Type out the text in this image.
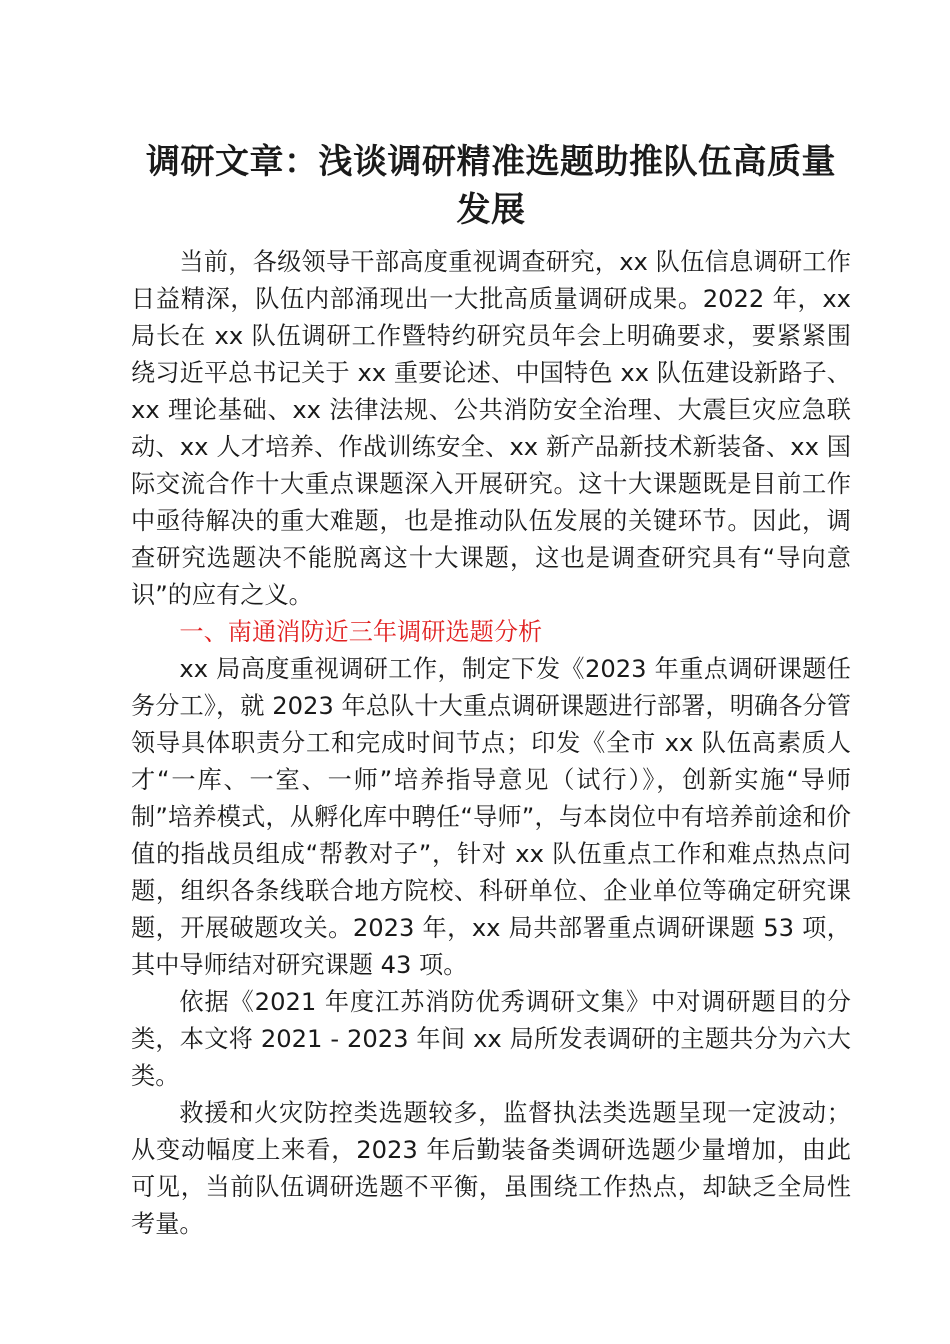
调研文章：浅谈调研精准选题助推队伍高质量
发展

当前，各级领导干部高度重视调查研究，xx 队伍信息调研工作日益精深，队伍内部涌现出一大批高质量调研成果。2022 年，xx 局长在 xx 队伍调研工作暨特约研究员年会上明确要求，要紧紧围绕习近平总书记关于 xx 重要论述、中国特色 xx 队伍建设新路子、xx 理论基础、xx 法律法规、公共消防安全治理、大震巨灾应急联动、xx 人才培养、作战训练安全、xx 新产品新技术新装备、xx 国际交流合作十大重点课题深入开展研究。这十大课题既是目前工作中亟待解决的重大难题，也是推动队伍发展的关键环节。因此，调查研究选题决不能脱离这十大课题，这也是调查研究具有“导向意识”的应有之义。

一、南通消防近三年调研选题分析

xx 局高度重视调研工作，制定下发《2023 年重点调研课题任务分工》，就 2023 年总队十大重点调研课题进行部署，明确各分管领导具体职责分工和完成时间节点；印发《全市 xx 队伍高素质人才“一库、一室、一师”培养指导意见（试行）》，创新实施“导师制”培养模式，从孵化库中聘任“导师”，与本岗位中有培养前途和价值的指战员组成“帮教对子”，针对 xx 队伍重点工作和难点热点问题，组织各条线联合地方院校、科研单位、企业单位等确定研究课题，开展破题攻关。2023 年，xx 局共部署重点调研课题 53 项，其中导师结对研究课题 43 项。

依据《2021 年度江苏消防优秀调研文集》中对调研题目的分类，本文将 2021 - 2023 年间 xx 局所发表调研的主题共分为六大类。

救援和火灾防控类选题较多，监督执法类选题呈现一定波动；从变动幅度上来看，2023 年后勤装备类调研选题少量增加，由此可见，当前队伍调研选题不平衡，虽围绕工作热点，却缺乏全局性考量。
